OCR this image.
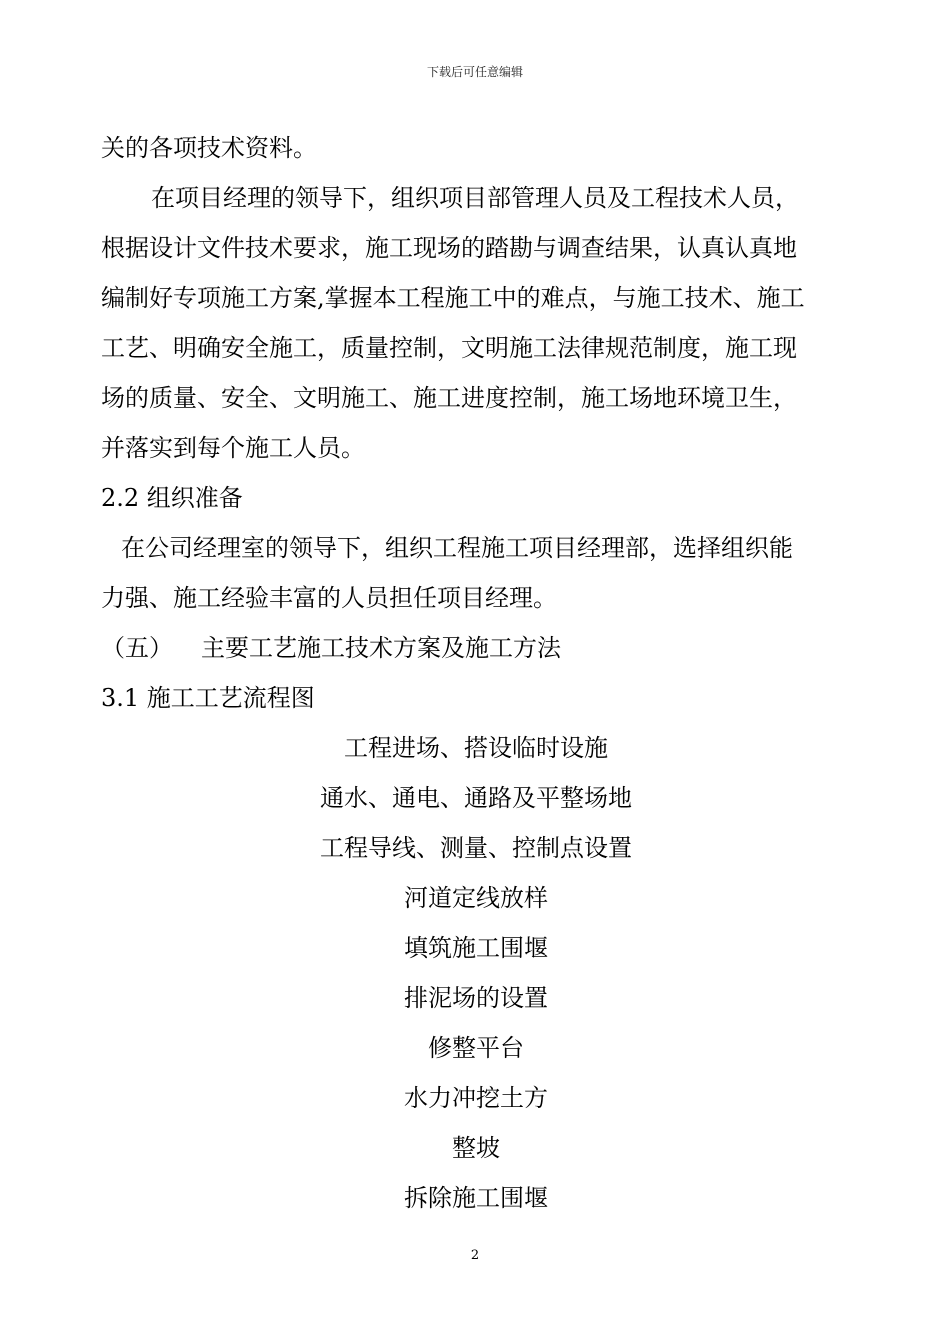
下载后可任意编辑

关的各项技术资料。

在项目经理的领导下，组织项目部管理人员及工程技术人员，

根据设计文件技术要求，施工现场的踏勘与调查结果，认真认真地

编制好专项施工方案,掌握本工程施工中的难点，与施工技术、施工

工艺、明确安全施工，质量控制，文明施工法律规范制度，施工现

场的质量、安全、文明施工、施工进度控制，施工场地环境卫生，

并落实到每个施工人员。

2.2 组织准备

在公司经理室的领导下，组织工程施工项目经理部，选择组织能

力强、施工经验丰富的人员担任项目经理。

（五） 主要工艺施工技术方案及施工方法

3.1 施工工艺流程图

工程进场、搭设临时设施
通水、通电、通路及平整场地
工程导线、测量、控制点设置
河道定线放样
填筑施工围堰
排泥场的设置
修整平台
水力冲挖土方
整坡
拆除施工围堰
2
